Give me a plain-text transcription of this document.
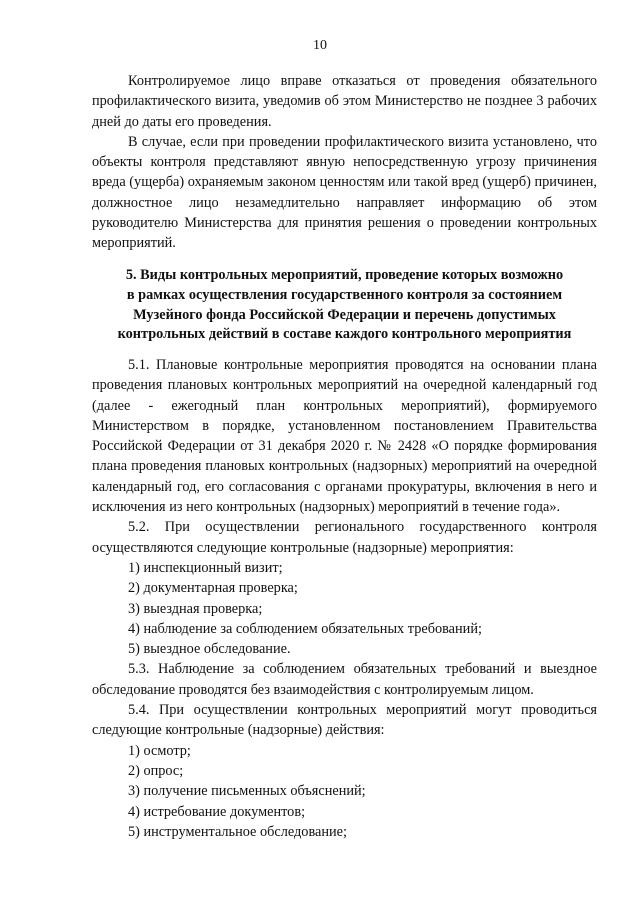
10

Контролируемое лицо вправе отказаться от проведения обязательного профилактического визита, уведомив об этом Министерство не позднее 3 рабочих дней до даты его проведения.

В случае, если при проведении профилактического визита установлено, что объекты контроля представляют явную непосредственную угрозу причинения вреда (ущерба) охраняемым законом ценностям или такой вред (ущерб) причинен, должностное лицо незамедлительно направляет информацию об этом руководителю Министерства для принятия решения о проведении контрольных мероприятий.

5. Виды контрольных мероприятий, проведение которых возможно
в рамках осуществления государственного контроля за состоянием
Музейного фонда Российской Федерации и перечень допустимых
контрольных действий в составе каждого контрольного мероприятия

5.1. Плановые контрольные мероприятия проводятся на основании плана проведения плановых контрольных мероприятий на очередной календарный год (далее - ежегодный план контрольных мероприятий), формируемого Министерством в порядке, установленном постановлением Правительства Российской Федерации от 31 декабря 2020 г. № 2428 «О порядке формирования плана проведения плановых контрольных (надзорных) мероприятий на очередной календарный год, его согласования с органами прокуратуры, включения в него и исключения из него контрольных (надзорных) мероприятий в течение года».

5.2. При осуществлении регионального государственного контроля осуществляются следующие контрольные (надзорные) мероприятия:

1) инспекционный визит;

2) документарная проверка;

3) выездная проверка;

4) наблюдение за соблюдением обязательных требований;

5) выездное обследование.

5.3. Наблюдение за соблюдением обязательных требований и выездное обследование проводятся без взаимодействия с контролируемым лицом.

5.4. При осуществлении контрольных мероприятий могут проводиться следующие контрольные (надзорные) действия:

1) осмотр;

2) опрос;

3) получение письменных объяснений;

4) истребование документов;

5) инструментальное обследование;
